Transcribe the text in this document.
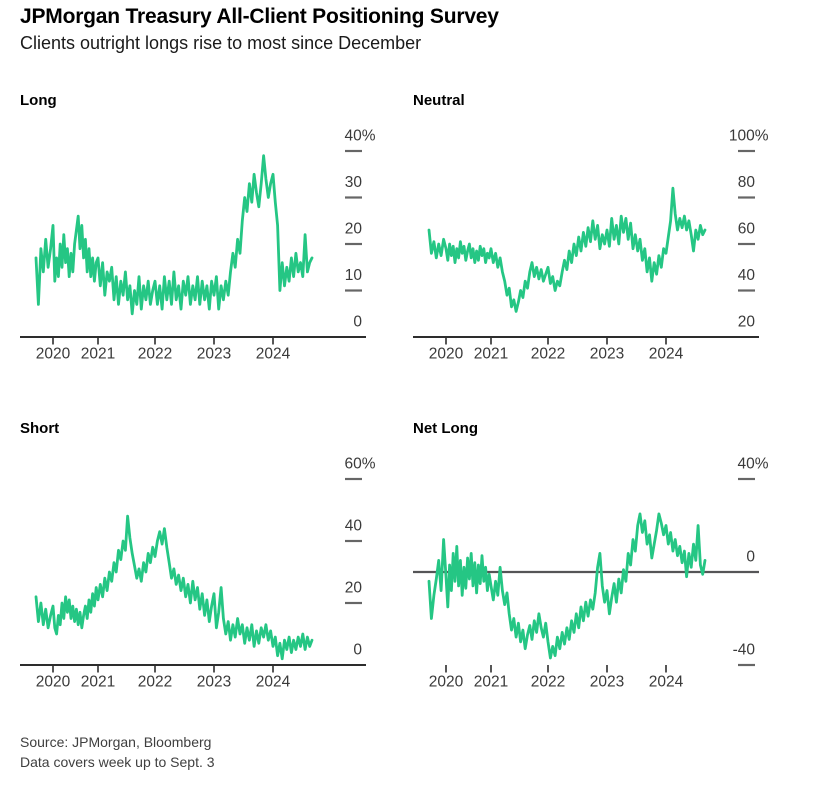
JPMorgan Treasury All-Client Positioning Survey
Clients outright longs rise to most since December
Long
40%
30
20
10
0
2020 2021 2022 2023 2024
Neutral
100%
80
60
40
20
2020 2021 2022 2023 2024
Short
60%
40
20
0
2020 2021 2022 2023 2024
Net Long
40%
0
-40
2020 2021 2022 2023 2024
Source: JPMorgan, Bloomberg
Data covers week up to Sept. 3
